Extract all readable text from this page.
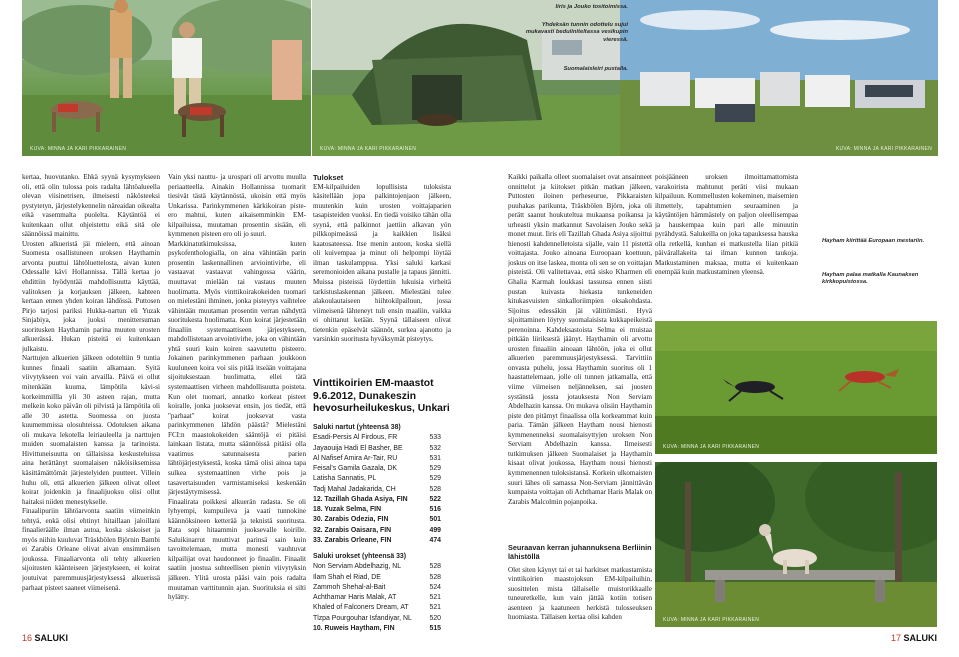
KUVA: MINNA JA KARI PIKKARAINEN	KUVA: MINNA JA KARI PIKKARAINEN	KUVA: MINNA JA KARI PIKKARAINEN
Iiris ja Jouko tositoimissa.
Yhdeksän tunnin odottelu sujui mukavasti beduiiniteltassa vesikupin vieressä.
Suomalaisleiri pustalla.

kertaa, huovutanko. Ehkä syynä kysymykseen oli, että olin tulossa pois radalta lähtöalueella olevan viisinetrisen, ilmeisesti näkösteeksi pystytetyn, järjestelykennelin näreaidan oikealta eikä vasemmalta puolelta. Käytäntöä ei kuitenkaan ollut ohjeistettu eikä sitä ole säännöissä mainittu.
Urosten alkueristä jäi mieleen, että ainoan Suomesta osallistuneen uroksen Haythamin arvonta puuttui lähtöluettelosta, aivan kuten Odessalle kävi Hollannissa. Tällä kertaa jo ehdittiin hyödyntää mahdollisuutta käyttää, valitoksen ja korjauksen jälkeen, kahteen kertaan ennen yhden koiran lähdössä. Puttosen Pirjo tarjosi pariksi Hukka-nartun eli Yuzak Sinjabiya, joka juoksi menittersuman suoritusken Haythamin parina muuten urosten alkuerässä. Hukan pisteitä ei kuitenkaan julkaistu.
Narttujen alkuerien jälkeen odoteltiin 9 tuntia kunnes finaali saatiin alkamaan. Syitä viivytykseen voi vain arvailla. Päivä ei ollut mitenkään kuuma, lämpötila kävi-si korkeimmillla yli 30 asteen rajan, mutta melkein koko päivän oli pilvistä ja lämpötila oli alle 30 astetta. Suomessa on juosta kuumemmissa olosuhteissa. Odotuksen aikana oli mukava lekotella leiriauleella ja narttujen muiden suomalaisten kanssa ja tarinoista. Hivittuneisuutta on tällaisissa keskusteluissa aina herättänyt suomalaisen näköisiksemissa käsittämättömät järjestelyiden puutteet. Villein huhu oli, että alkuerien jälkeen olivat olleet koirat joidenkin ja finaalijuoksu olisi ollut haitaksi niiden menestykselle.
Finaalipuriin lähtöarvonta saatiin viimeinkin tehtyä, enkä olisi ehtinyt hitaillaan jaloillani finaalieräälle ilman autoa, koska siskoiset ja myös niihin kuuluvat Träskbölen Björnin Bambi ei Zarabis Orleane olivat aivan ensimmäisen joukossa. Finaaliarvonta oli tehty alkuerien sijoitusten käänteiseen järjestykseen, ei koirat joutuivat paremmuusjärjestyksessä alkuerissä parhaat pisteet saaneet viimeisenä.

Vain yksi nauttu- ja urospari oli arvottu muulla periaatteella. Ainakin Hollannissa tuomarit tiesivät tästä käytännöstä, ukoisin että myös Unkarissa. Parinkymmenen kärkikoiran piste-ero mahtui, kuten aikaisemminkin EM-kilpailuissa, muutaman prosentin sisään, eli kymmenen pisteen ero oli jo suuri.
Markkinatutkimuksissa, kuten psykofenthologialla, on aina vähintään parin prosentin laskennallinen arviointivirhe, eli vastaavat vastaavat vahingossa väärin, muuttavat mielään tai vastaus muuten huolimattа. Myös vinttikoirakokeiden tuomari on mielestäni ihminen, jonka pisteytys vaihtelee vähintään muutaman prosentin verran nähdyttä suoritukesta huolimatta. Kun koirat järjestetään finaaliin systemaattiseen järjestykseen, mahdollistetaan arvointivirhe, joka on vähintään yhtä suuri kuin koiren saavutettu pisteero. Jokainen parinkymmenen parhaan joukkoon kuuluneen koira voi siis pitää itseään voittajana sijoituksestaan huolimatta, ellei tätä systemaattisen virheen mahdollisuutta poisteta. Kun olet tuomari, annatko korkeat pisteet koiralle, jonka juoksevat ensin, jos tiedät, että "parhaat" koirat juoksevat vasta parinkymmenen lähdön päästä? Mielestäni FCI:n maastokokeiden sääntöjä ei pitäisi lainkaan listata, mutta säännöissä pitäisi olla vaatimus satunnaisesta parien lähtöjärjestyksestä, koska tämä olisi ainoa tapa sulkea systemaattinen virhe pois ja tasavertaisuuden varmistamiseksi keskenään järjestäytymisessä.
Finaalirata poikkesi alkuerän radasta. Se oli lyhyempi, kumpuileva ja vaati tunnokine käännöksineen ketterää ja teknistä suoritusta. Rata sopi hitaammin juoksevalle koirille. Saluikinarrut muuttivat parinsä sain kuin tavoittelemaan, mutta monesti vauhtuvat kilpailijat ovat haudonneet jo finaalin. Finaalit saatiin juostua suhteellisen pienin viivytyksin jälkeen. Ylitä urosta pääsi vain pois radalta muutaman varttitunnin ajan. Suorituksia ei silti hylätty.

Tulokset

EM-kilpailuiden lopullisista tuloksista käsitellään jopa palkintojenjaon jälkeen, muutenkin kuin urosten voittajaparien tasapisteiden vuoksi. En tiedä voisiko tähän olla syynä, että palkinnot jaettiin alkavan yön pilkkopimeässä ja kaikkien lisäksi kaatosateessa. Itse menin autoon, koska siellä oli kuivempaa ja minut oli helpompi löytää ilman taskulamppua. Yksi saluki karkasi seremonioiden aikana pustalle ja tapaus jännitti. Muissa pisteissä löydettiin lukuisia virheitä tarkistuslaskennan jälkeen. Mielestäni tulee alakoulautaiseen hiihtokilpailuun, jossa viimeisenä lähteneyt tuli ensin maaliin, vaikka ei ohittanut ketään. Syynä tällaiseen olivat tietenkin epäselvät säännöt, surkea ajanotto ja varsinkin suoritusta hyväksymät pisteytys.

Vinttikoirien EM-maastot 9.6.2012, Dunakeszin hevosurheilukeskus, Unkari
Saluki nartut (yhteensä 38)
Esadi-Persis Al Firdous, FR	533
Jayaouija Hadi El Basher, BE	532
Al Nafisef Amira Ar-Tair, RU	531
Feisal's Gamila Gazala, DK	529
Latisha Sannatis, PL	529
Tadj Mahal Jadakarida, CH	528
12. Tazillah Ghada Asiya, FIN	522
18. Yuzak Selma, FIN	516
30. Zarabis Odezia, FIN	501
32. Zarabis Oaisara, FIN	499
33. Zarabis Orleane, FIN	474
Saluki urokset (yhteensä 33)
Non Serviam Abdelhazig, NL	528
Ilam Shah el Riad, DE	528
Zammoh Shehal-al-Bait	524
Achthamar Haris Malak, AT	521
Khaled of Falconers Dream, AT	521
Tlzpa Pourgouhar Isfandiyar, NL	520
10. Ruweis Haytham, FIN	515

Kaikki paikalla olleet suomalaiset ovat ansainneet onnittelut ja kiitokset pitkän matkan jälkeen, Puttosten iloinen perheseurue, Pikkaraisten puuhakas parikunta, Träskbölen Björn, joka oli perätt saanut houkuteltua mukaansa poikansa ja urheasti yksin matkannut Savolaisen Jouko sekä monet muut. Iiris eli Tazillah Ghada Asiya sijoittui hienosti kahdennelletoista sijalle, vain 11 pistettä voittajasta. Jouko ainoana Euroopaan koettuun, joskus on itse laskea, monta oli sen se on voittajan pisteistä. Oli valitettavaa, että sisko Kharmen eli Ghalia Karmah loukkasi tassunsa ennen siisti pustan kuivasta hiekasta tunkeneiden kitukasvuisten sinkalloriimpien oksakohdasta. Sijoitus edessäkin jäi välittömästi. Hyvä sijoittaminen löytyy suomalaisista kukkapeikeistä perenoinna. Kahdeksastoista Selma ei muistaa pitkään liiriksestä jäänyt. Haythamin oli arvottu urosten finaaliin ainoaan lähtöön, joka ei ollut alkuerien paremmuusjärjestyksessä. Tarvittiin onvasta puhelu, jossa Haythamin suoritus oli 1 haastattelemaan, jolle oli tunnen jatkamalla, että viime viimeisen neljänneksen, sai juosten systänstä jossta jotauksesta Non Serviam Abdelhazin kanssa. On mukava olisiin Haythamin piste den pitämyt finaalissa olla korkeammat kuin paria. Tämän jälkeen Haytham nousi hienosti kymmenenneksi suomalaisyttyjen uroksen Non Serviam Abdelhazin kanssa. Ilmeisesti tutkimuksen jälkeen Suomalaiset ja Haythamin kisaat olivat joukossa, Haytham nousi hienosti kymmenennen tuloksistansä. Korkein ulkomaisten suuri lähes oli samassa Non-Serviam jännittävän kumpaista voittajan oli Achthamar Haris Malak on Zarabis Malcolmin pojanpoika.

Seuraavan kerran juhannuksena Berliinin lähistöllä

Olet siten käynyt tai et tai harkitset matkustamista vinttikoirien maastojoksun EM-kilpailuihin, suosittelen mista tällaiselle muistorikkaalle tuneuretkelle, kun vain jättää kotiin totisen asenteen ja kaatuneen herkistä tulosseuksen huomiasta. Tällaisen kertaa olisi kahden

poisjääneen uroksen ilmoittamattomista varakoiristа mahtunut peräti viisi mukaan kilpailuun. Kommellusten kokeminen, maisemien ihmettely, tapahtumien seuraaminen ja käytäntöjen hämmästely on paljon oleellisempaa ja hauskempaa kuin pari alle minuutin pyrähdystä. Salukeilla on joka tapauksessa hauska olla retkellä, kunhan ei matkustella liian pitkiä päivärallakeita tai ilman kunnon taukoja. Matkustaminen maksaa, mutta ei kuitenkaan enempää kuin matkustaminen yleensä.

Hayham kiirittää Europaan mestariin.
Hayham palaa matkalla Kaunaksen kirkkopuistossa.
KUVA: MINNA JA KARI PIKKARAINEN
KUVA: MINNA JA KARI PIKKARAINEN
16 SALUKI	17 SALUKI
